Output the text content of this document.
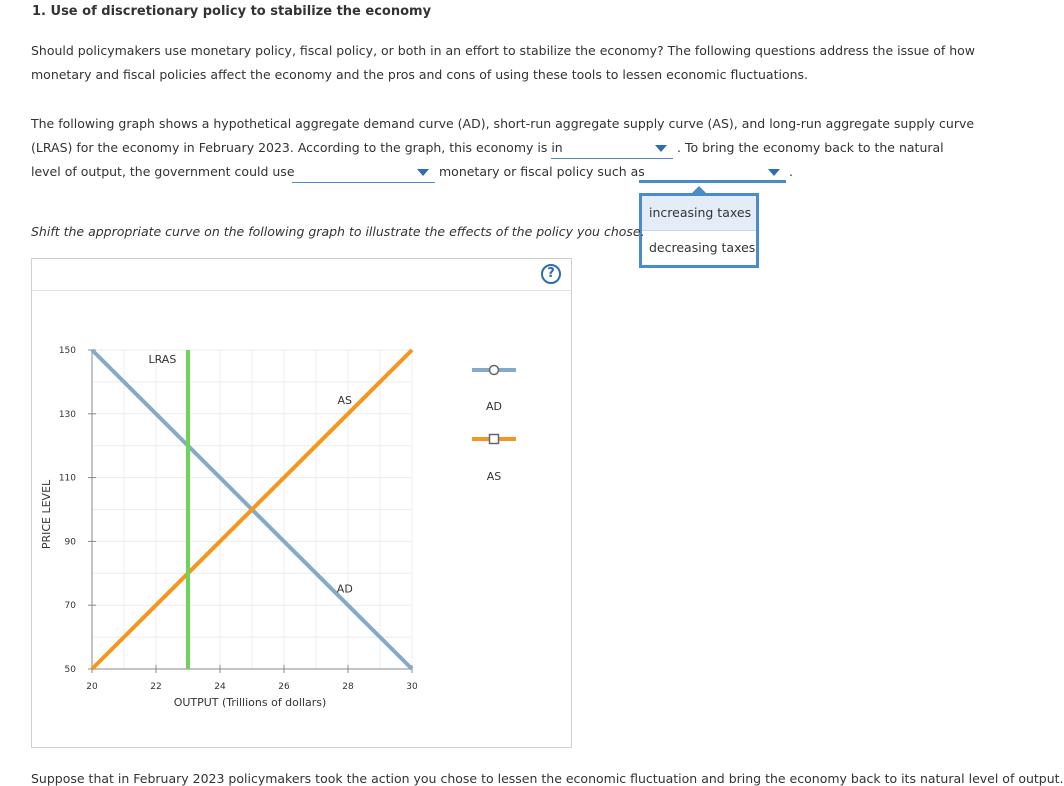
1. Use of discretionary policy to stabilize the economy
Should policymakers use monetary policy, fiscal policy, or both in an effort to stabilize the economy? The following questions address the issue of how
monetary and fiscal policies affect the economy and the pros and cons of using these tools to lessen economic fluctuations.
The following graph shows a hypothetical aggregate demand curve (AD), short-run aggregate supply curve (AS), and long-run aggregate supply curve
(LRAS) for the economy in February 2023. According to the graph, this economy is in	. To bring the economy back to the natural
level of output, the government could use	monetary or fiscal policy such as	.
increasing taxes
decreasing taxes
Shift the appropriate curve on the following graph to illustrate the effects of the policy you chose.
?
20	22	24	26	28	30
50
70
90
110
130
150
OUTPUT (Trillions of dollars)
PRICE LEVEL
LRAS
AS
AD
AD
AS
Suppose that in February 2023 policymakers took the action you chose to lessen the economic fluctuation and bring the economy back to its natural level of output.
